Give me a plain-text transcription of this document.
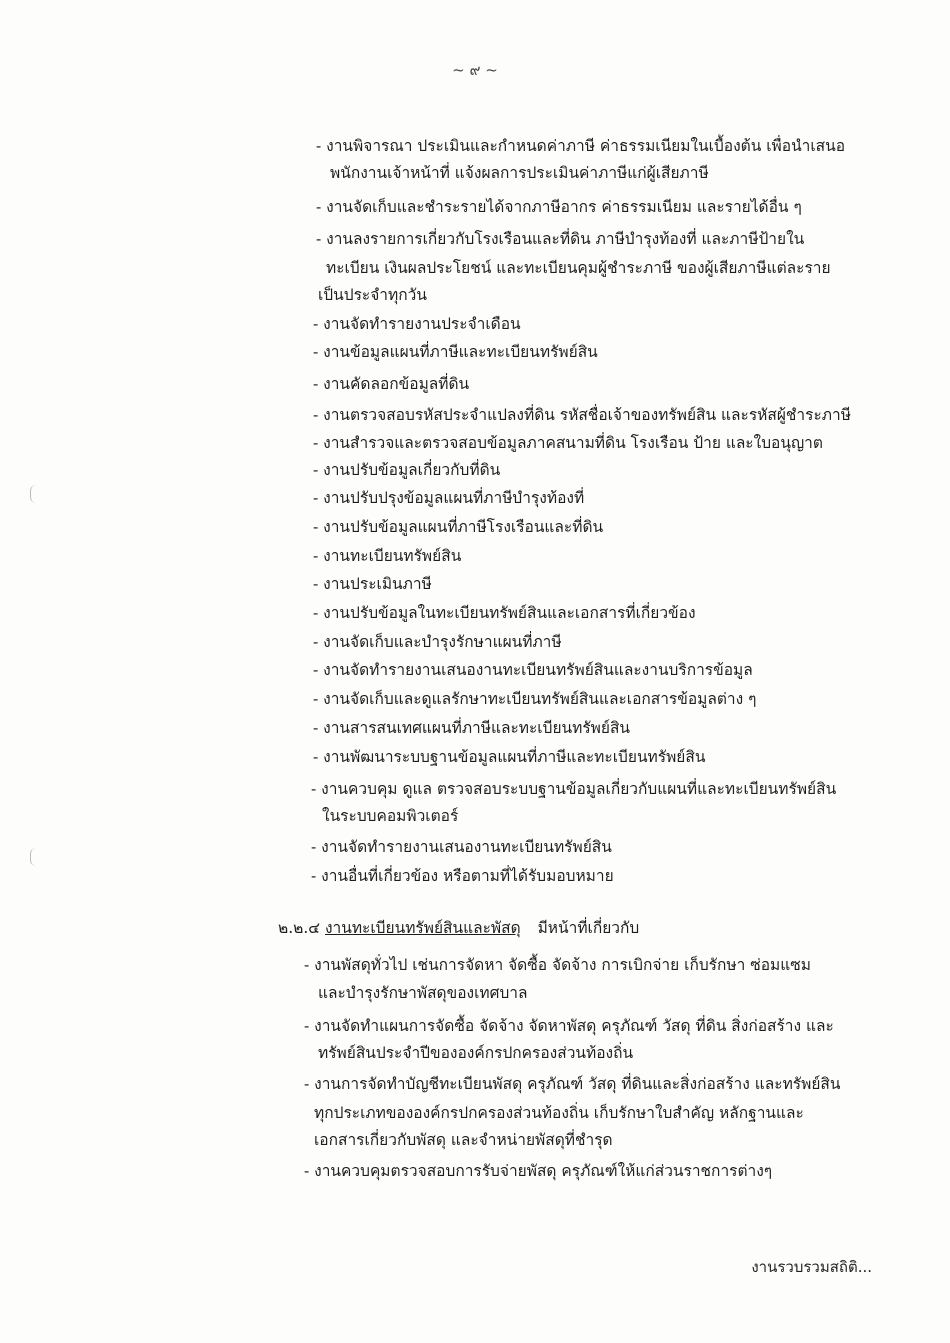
~ ๙ ~
- งานพิจารณา ประเมินและกำหนดค่าภาษี ค่าธรรมเนียมในเบื้องต้น เพื่อนำเสนอ
พนักงานเจ้าหน้าที่ แจ้งผลการประเมินค่าภาษีแก่ผู้เสียภาษี
- งานจัดเก็บและชำระรายได้จากภาษีอากร ค่าธรรมเนียม และรายได้อื่น ๆ
- งานลงรายการเกี่ยวกับโรงเรือนและที่ดิน ภาษีบำรุงท้องที่ และภาษีป้ายใน
ทะเบียน เงินผลประโยชน์ และทะเบียนคุมผู้ชำระภาษี ของผู้เสียภาษีแต่ละราย
เป็นประจำทุกวัน
- งานจัดทำรายงานประจำเดือน
- งานข้อมูลแผนที่ภาษีและทะเบียนทรัพย์สิน
- งานคัดลอกข้อมูลที่ดิน
- งานตรวจสอบรหัสประจำแปลงที่ดิน รหัสชื่อเจ้าของทรัพย์สิน และรหัสผู้ชำระภาษี
- งานสำรวจและตรวจสอบข้อมูลภาคสนามที่ดิน โรงเรือน ป้าย และใบอนุญาต
- งานปรับข้อมูลเกี่ยวกับที่ดิน
- งานปรับปรุงข้อมูลแผนที่ภาษีบำรุงท้องที่
- งานปรับข้อมูลแผนที่ภาษีโรงเรือนและที่ดิน
- งานทะเบียนทรัพย์สิน
- งานประเมินภาษี
- งานปรับข้อมูลในทะเบียนทรัพย์สินและเอกสารที่เกี่ยวข้อง
- งานจัดเก็บและบำรุงรักษาแผนที่ภาษี
- งานจัดทำรายงานเสนองานทะเบียนทรัพย์สินและงานบริการข้อมูล
- งานจัดเก็บและดูแลรักษาทะเบียนทรัพย์สินและเอกสารข้อมูลต่าง ๆ
- งานสารสนเทศแผนที่ภาษีและทะเบียนทรัพย์สิน
- งานพัฒนาระบบฐานข้อมูลแผนที่ภาษีและทะเบียนทรัพย์สิน
- งานควบคุม ดูแล ตรวจสอบระบบฐานข้อมูลเกี่ยวกับแผนที่และทะเบียนทรัพย์สิน
ในระบบคอมพิวเตอร์
- งานจัดทำรายงานเสนองานทะเบียนทรัพย์สิน
- งานอื่นที่เกี่ยวข้อง หรือตามที่ได้รับมอบหมาย
๒.๒.๔ งานทะเบียนทรัพย์สินและพัสดุ มีหน้าที่เกี่ยวกับ
- งานพัสดุทั่วไป เช่นการจัดหา จัดซื้อ จัดจ้าง การเบิกจ่าย เก็บรักษา ซ่อมแซม
และบำรุงรักษาพัสดุของเทศบาล
- งานจัดทำแผนการจัดซื้อ จัดจ้าง จัดหาพัสดุ ครุภัณฑ์ วัสดุ ที่ดิน สิ่งก่อสร้าง และ
ทรัพย์สินประจำปีขององค์กรปกครองส่วนท้องถิ่น
- งานการจัดทำบัญชีทะเบียนพัสดุ ครุภัณฑ์ วัสดุ ที่ดินและสิ่งก่อสร้าง และทรัพย์สิน
ทุกประเภทขององค์กรปกครองส่วนท้องถิ่น เก็บรักษาใบสำคัญ หลักฐานและ
เอกสารเกี่ยวกับพัสดุ และจำหน่ายพัสดุที่ชำรุด
- งานควบคุมตรวจสอบการรับจ่ายพัสดุ ครุภัณฑ์ให้แก่ส่วนราชการต่างๆ
งานรวบรวมสถิติ...
